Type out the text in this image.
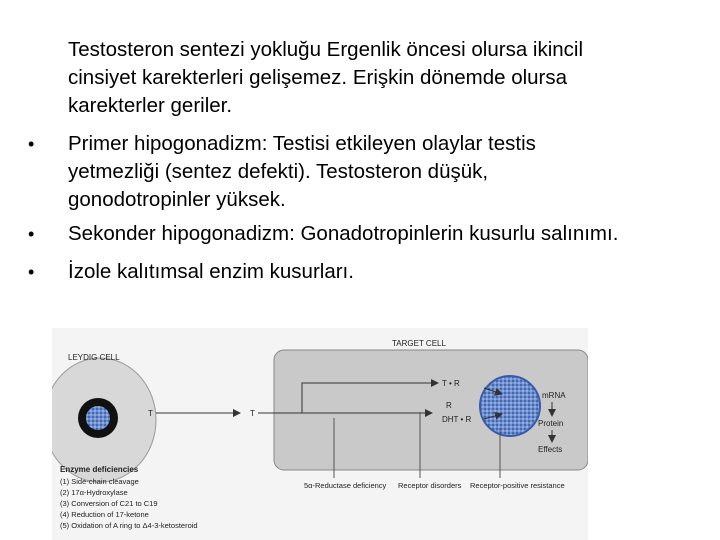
Testosteron sentezi yokluğu Ergenlik öncesi olursa ikincil
cinsiyet karekterleri gelişemez. Erişkin dönemde olursa
karekterler geriler.
• Primer hipogonadizm: Testisi etkileyen olaylar testis
yetmezliği (sentez defekti). Testosteron düşük,
gonodotropinler yüksek.
• Sekonder hipogonadizm: Gonadotropinlerin kusurlu salınımı.
• İzole kalıtımsal enzim kusurları.
LEYDIG CELL
TARGET CELL
T	T
T • R
R
DHT • R
mRNA
Protein
Effects
5α-Reductase deficiency Receptor disorders Receptor-positive resistance
Enzyme deficiencies
(1) Side-chain cleavage
(2) 17α-Hydroxylase
(3) Conversion of C21 to C19
(4) Reduction of 17-ketone
(5) Oxidation of A ring to Δ4-3-ketosteroid
